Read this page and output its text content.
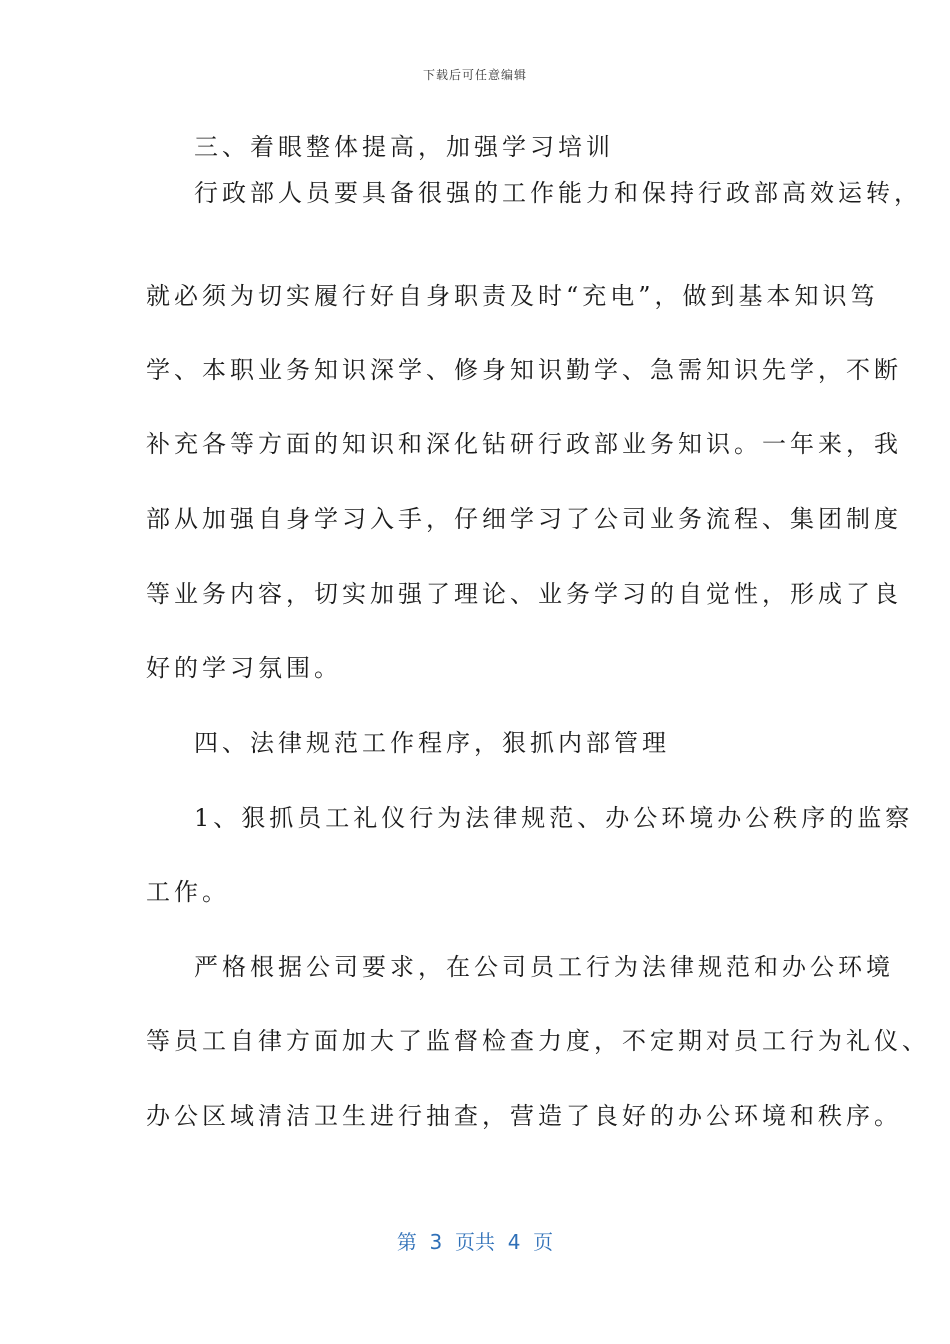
下载后可任意编辑
三、着眼整体提高，加强学习培训
行政部人员要具备很强的工作能力和保持行政部高效运转，
就必须为切实履行好自身职责及时“充电”，做到基本知识笃
学、本职业务知识深学、修身知识勤学、急需知识先学，不断
补充各等方面的知识和深化钻研行政部业务知识。一年来，我
部从加强自身学习入手，仔细学习了公司业务流程、集团制度
等业务内容，切实加强了理论、业务学习的自觉性，形成了良
好的学习氛围。
四、法律规范工作程序，狠抓内部管理
1、狠抓员工礼仪行为法律规范、办公环境办公秩序的监察
工作。
严格根据公司要求，在公司员工行为法律规范和办公环境
等员工自律方面加大了监督检查力度，不定期对员工行为礼仪、
办公区域清洁卫生进行抽查，营造了良好的办公环境和秩序。
第  3  页共  4  页
